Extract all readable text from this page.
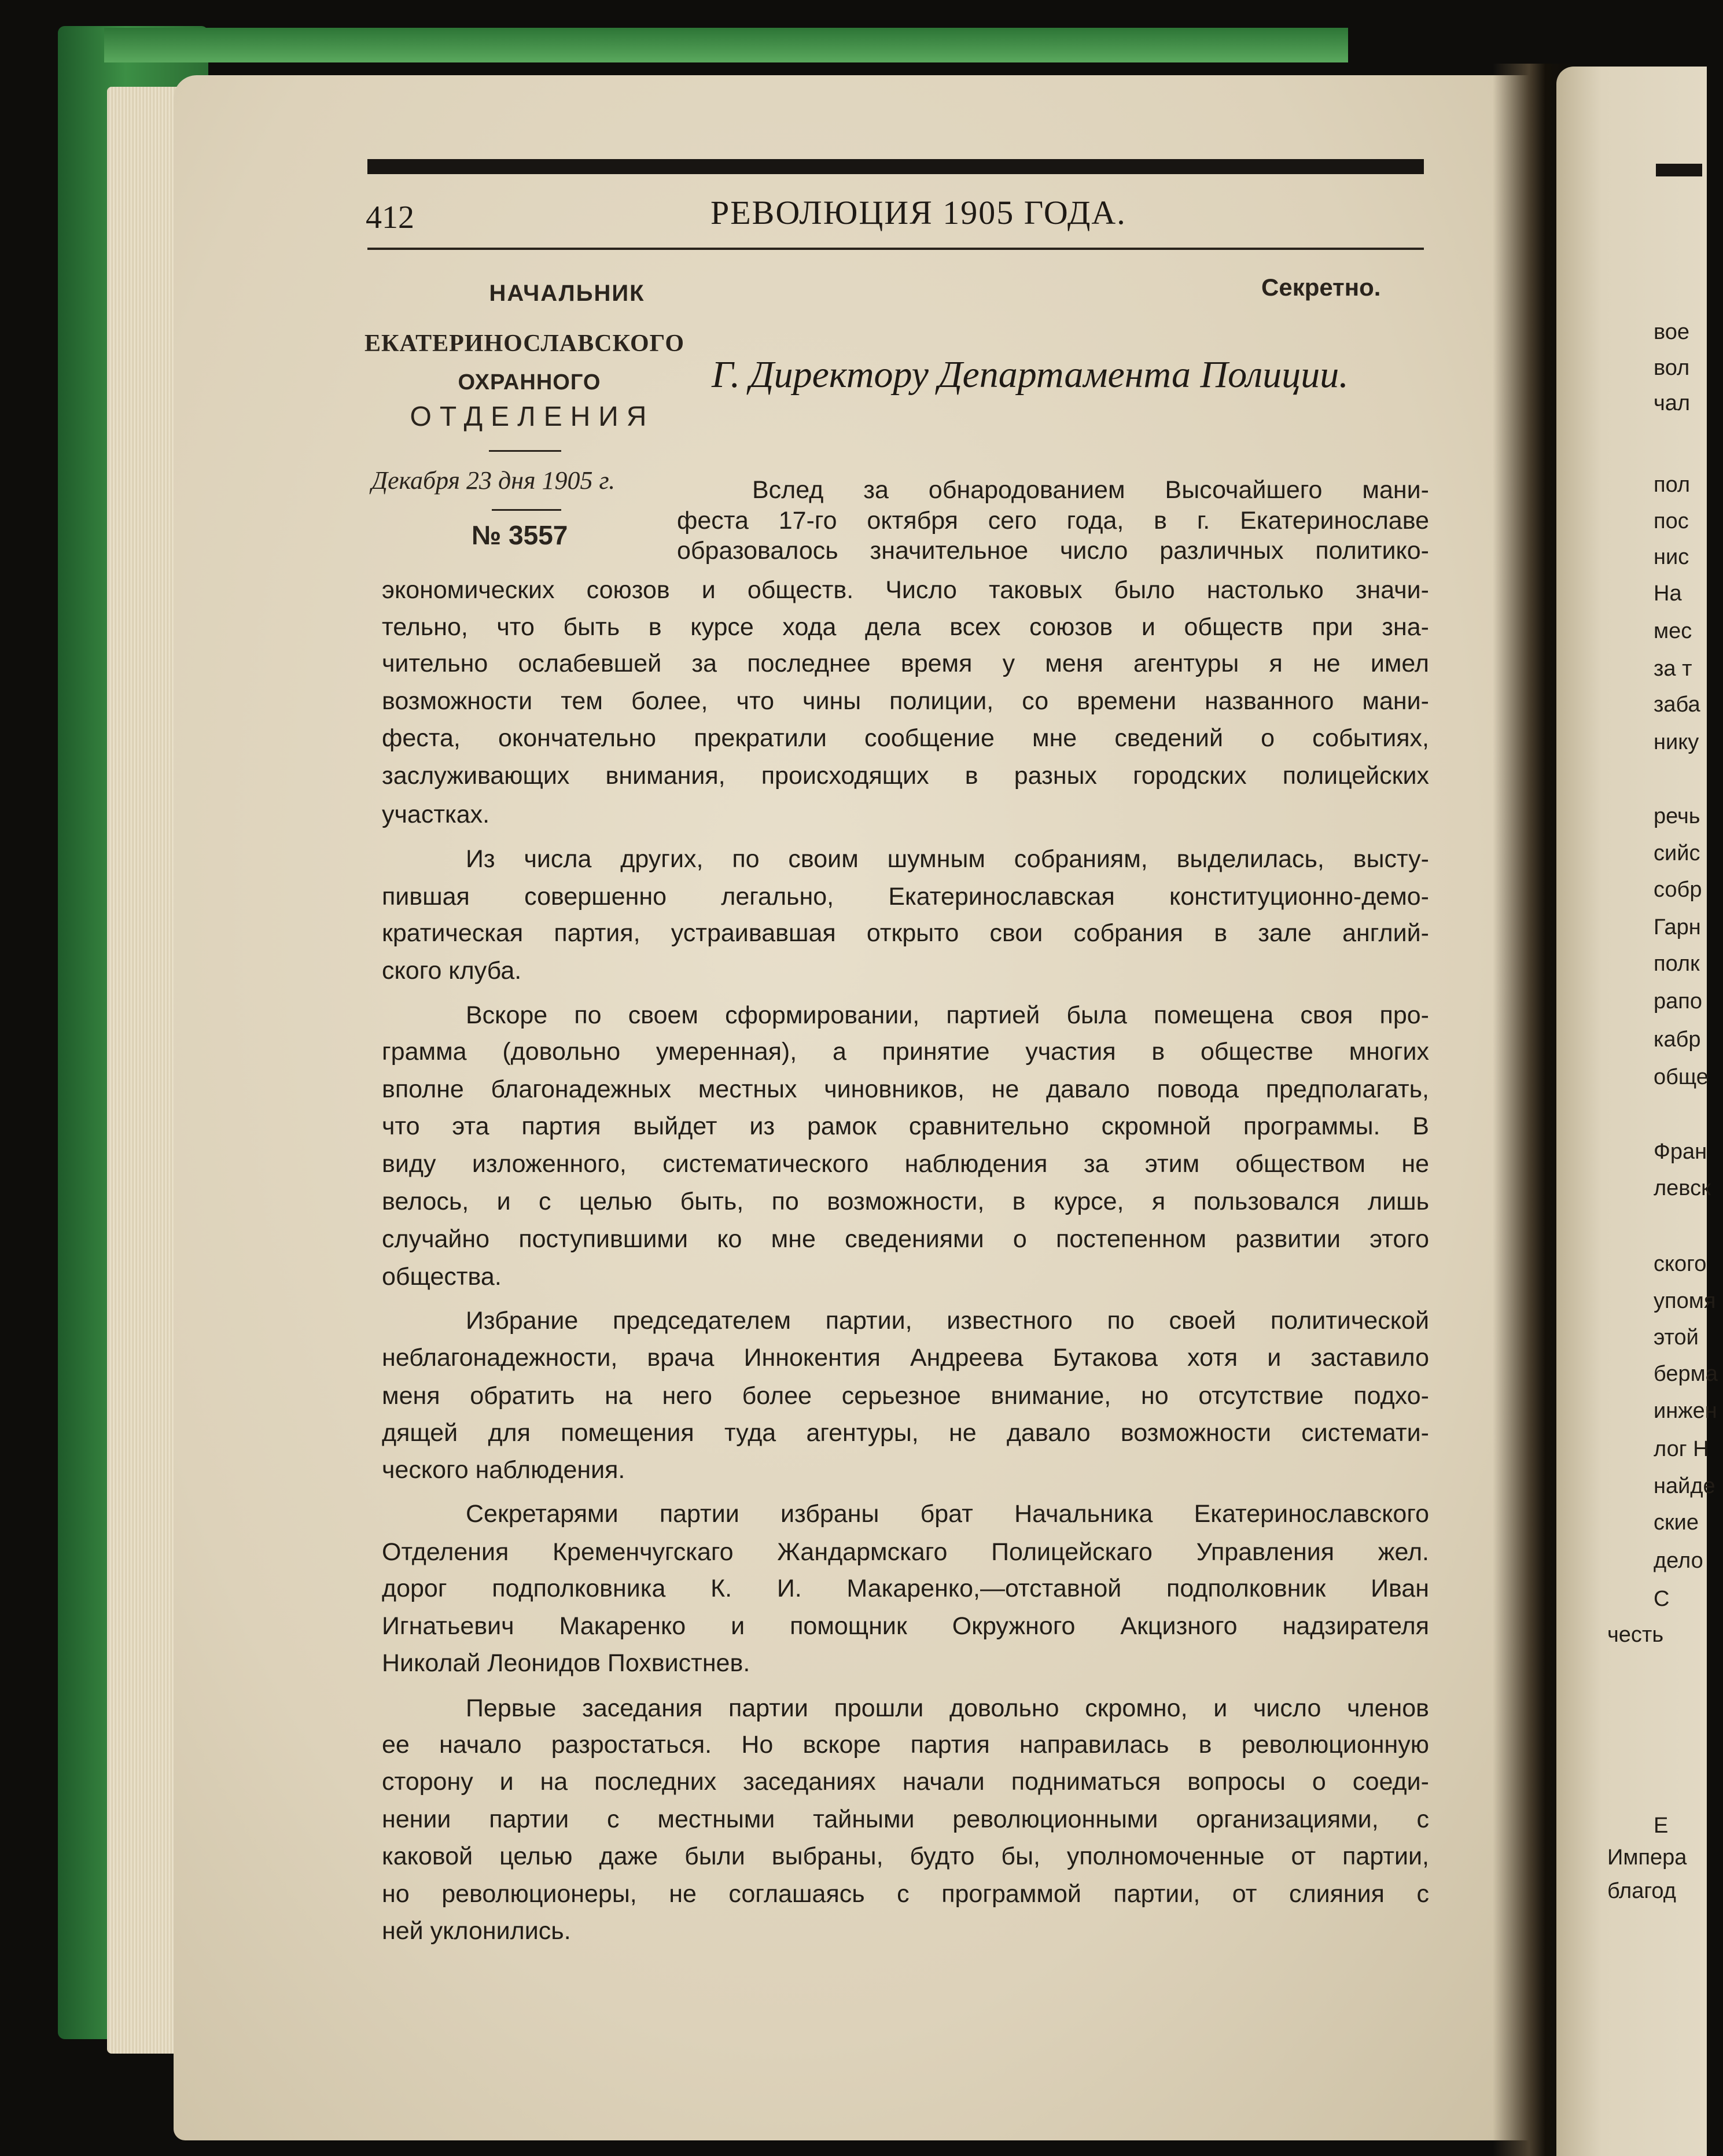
412	РЕВОЛЮЦИЯ 1905 ГОДА.
НАЧАЛЬНИК
ЕКАТЕРИНОСЛАВСКОГО
ОХРАННОГО
ОТДЕЛЕНИЯ
Декабря 23 дня 1905 г.
№ 3557
Секретно.
Г. Директору Департамента Полиции.
Вслед за обнародованием Высочайшего мани-
феста 17-го октября сего года, в г. Екатеринославе
образовалось значительное число различных политико-
экономических союзов и обществ. Число таковых было настолько значи-
тельно, что быть в курсе хода дела всех союзов и обществ при зна-
чительно ослабевшей за последнее время у меня агентуры я не имел
возможности тем более, что чины полиции, со времени названного мани-
феста, окончательно прекратили сообщение мне сведений о событиях,
заслуживающих внимания, происходящих в разных городских полицейских
участках.
Из числа других, по своим шумным собраниям, выделилась, высту-
пившая совершенно легально, Екатеринославская конституционно-демо-
кратическая партия, устраивавшая открыто свои собрания в зале англий-
ского клуба.
Вскоре по своем сформировании, партией была помещена своя про-
грамма (довольно умеренная), а принятие участия в обществе многих
вполне благонадежных местных чиновников, не давало повода предполагать,
что эта партия выйдет из рамок сравнительно скромной программы. В
виду изложенного, систематического наблюдения за этим обществом не
велось, и с целью быть, по возможности, в курсе, я пользовался лишь
случайно поступившими ко мне сведениями о постепенном развитии этого
общества.
Избрание председателем партии, известного по своей политической
неблагонадежности, врача Иннокентия Андреева Бутакова хотя и заставило
меня обратить на него более серьезное внимание, но отсутствие подхо-
дящей для помещения туда агентуры, не давало возможности системати-
ческого наблюдения.
Секретарями партии избраны брат Начальника Екатеринославского
Отделения Кременчугскаго Жандармскаго Полицейскаго Управления жел.
дорог подполковника К. И. Макаренко,—отставной подполковник Иван
Игнатьевич Макаренко и помощник Окружного Акцизного надзирателя
Николай Леонидов Похвистнев.
Первые заседания партии прошли довольно скромно, и число членов
ее начало разростаться. Но вскоре партия направилась в революционную
сторону и на последних заседаниях начали подниматься вопросы о соеди-
нении партии с местными тайными революционными организациями, с
каковой целью даже были выбраны, будто бы, уполномоченные от партии,
но революционеры, не соглашаясь с программой партии, от слияния с
ней уклонились.
вое
вол
чал
пол
пос
нис
На
мес
за т
заба
нику
речь
сийс
собр
Гарн
полк
рапо
кабр
обще
Фран
левск
ского
упомя
этой
берма
инжен
лог Н
найде
ские
дело
С
честь
Е
Импера
благод
